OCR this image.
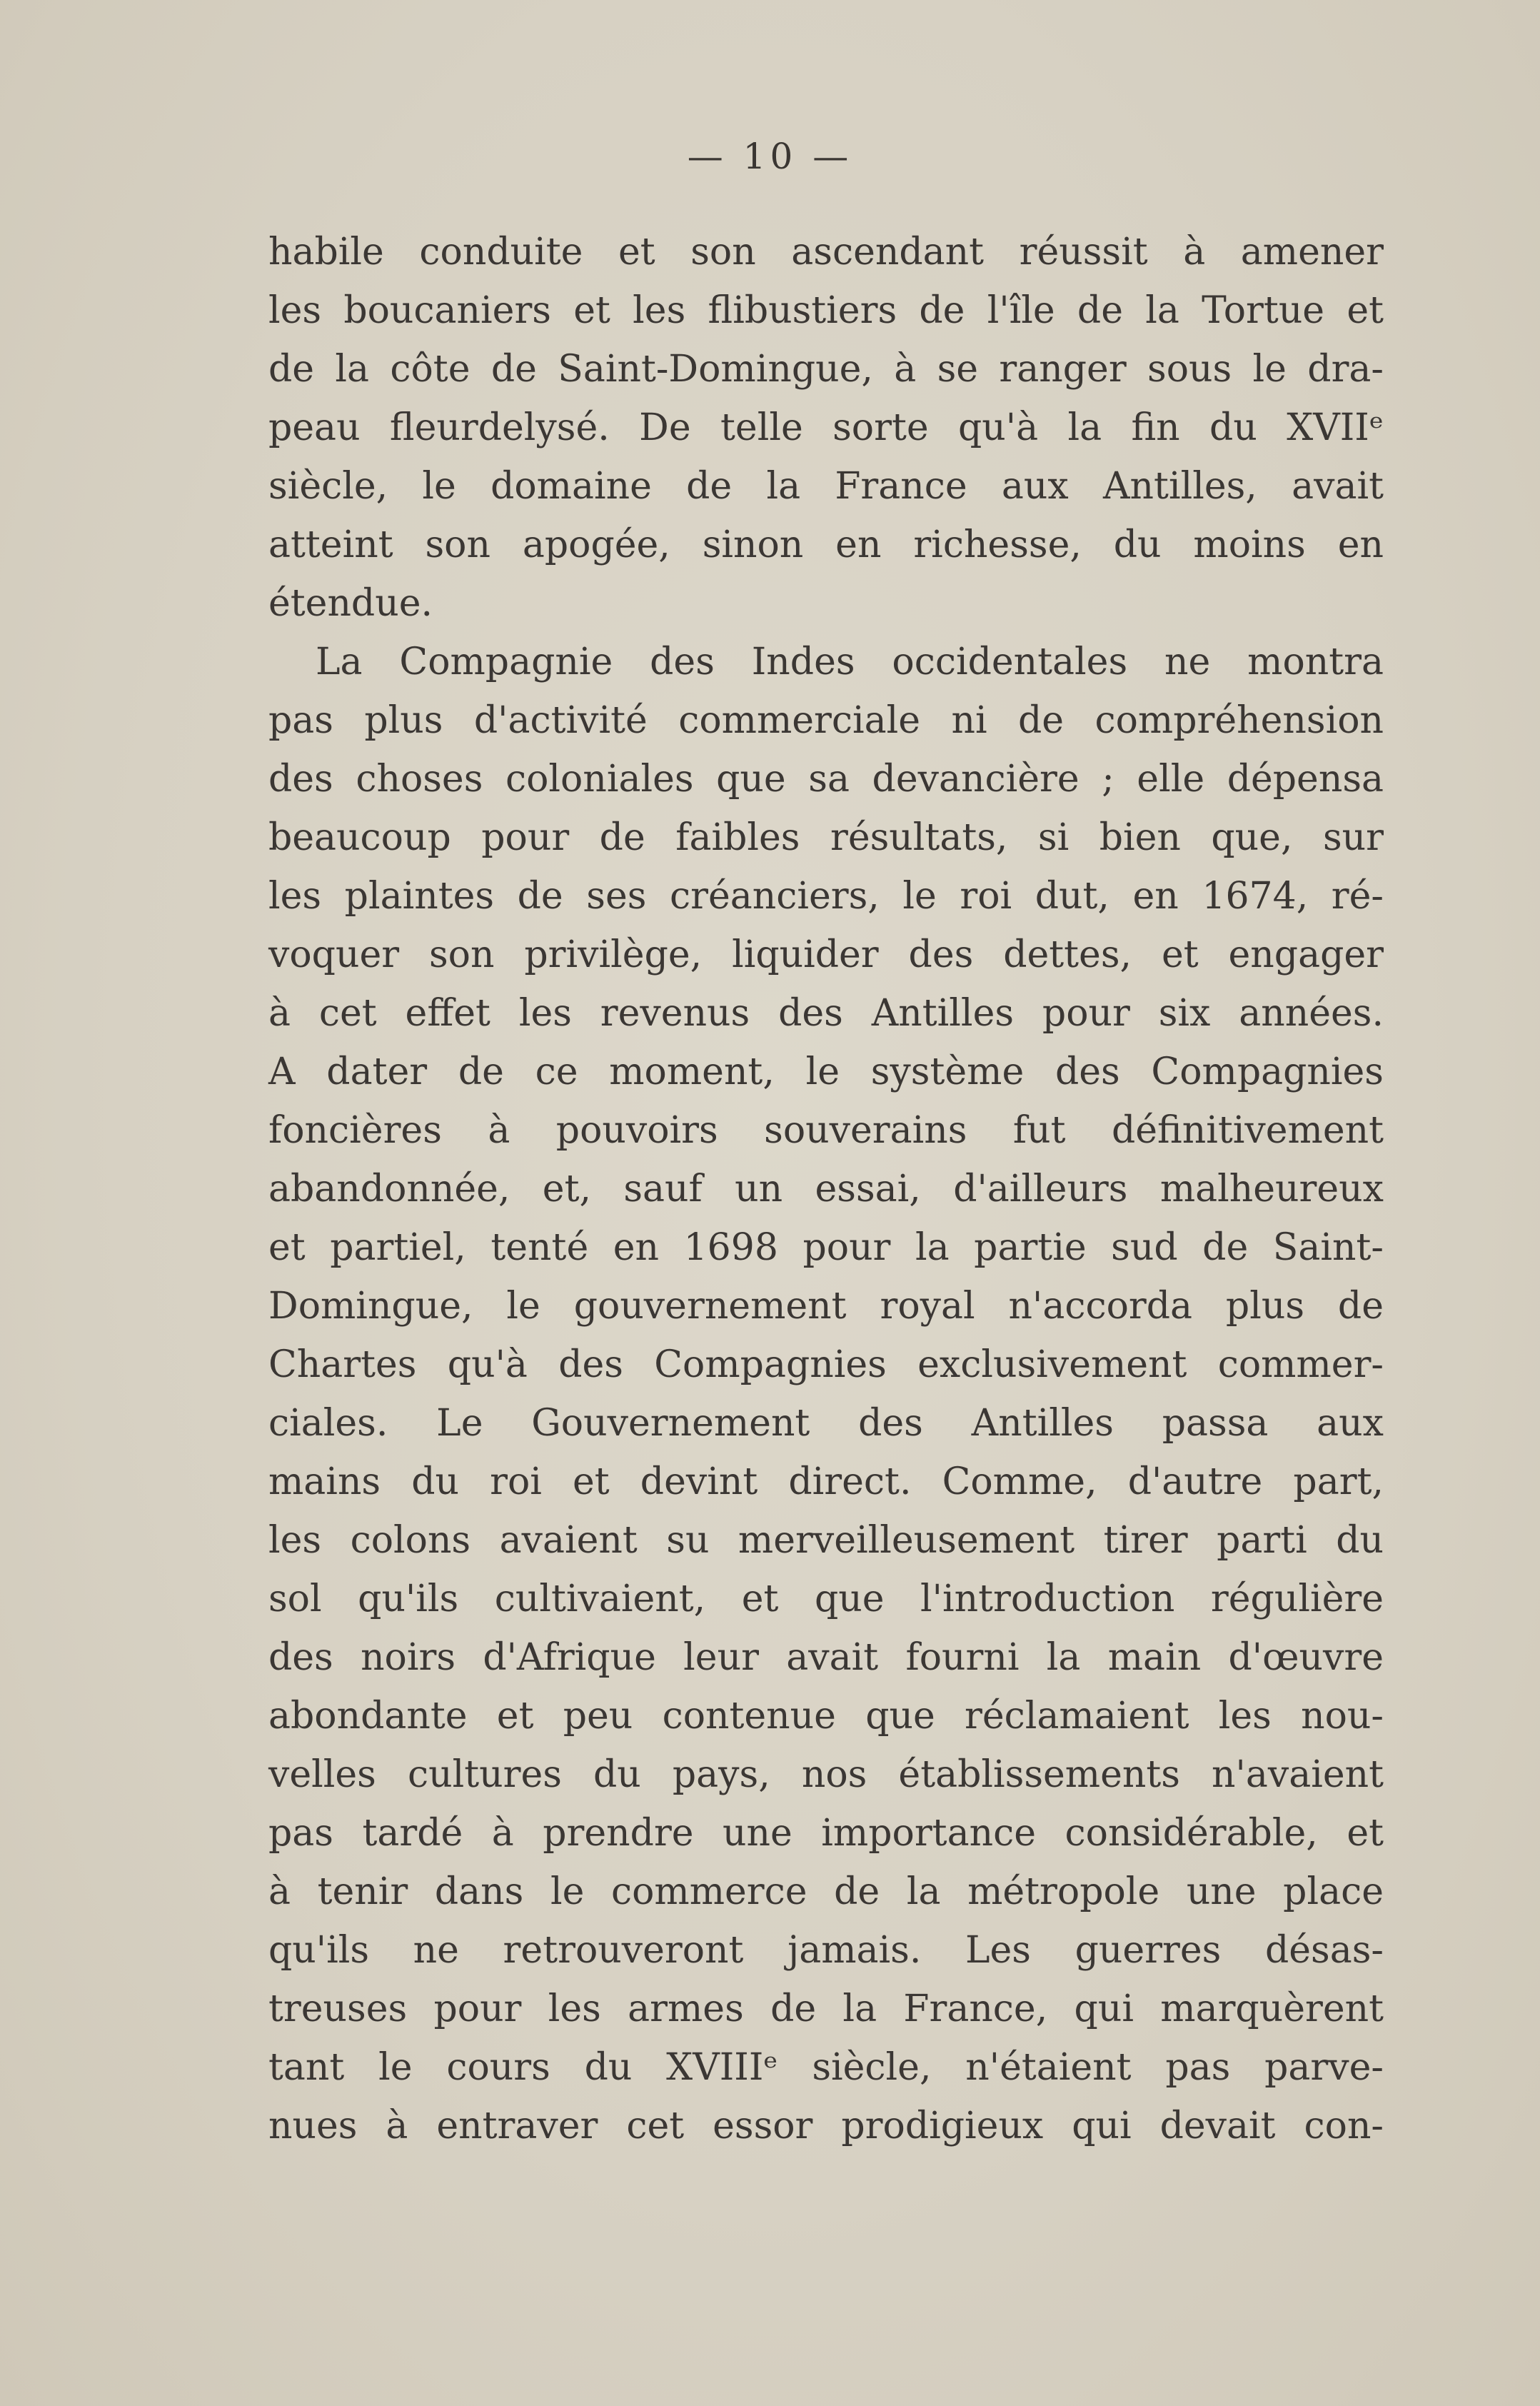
— 10 —
habile conduite et son ascendant réussit à amener
les boucaniers et les flibustiers de l'île de la Tortue et
de la côte de Saint-Domingue, à se ranger sous le dra-
peau fleurdelysé. De telle sorte qu'à la fin du XVIIᵉ
siècle, le domaine de la France aux Antilles, avait
atteint son apogée, sinon en richesse, du moins en
étendue.
La Compagnie des Indes occidentales ne montra
pas plus d'activité commerciale ni de compréhension
des choses coloniales que sa devancière ; elle dépensa
beaucoup pour de faibles résultats, si bien que, sur
les plaintes de ses créanciers, le roi dut, en 1674, ré-
voquer son privilège, liquider des dettes, et engager
à cet effet les revenus des Antilles pour six années.
A dater de ce moment, le système des Compagnies
foncières à pouvoirs souverains fut définitivement
abandonnée, et, sauf un essai, d'ailleurs malheureux
et partiel, tenté en 1698 pour la partie sud de Saint-
Domingue, le gouvernement royal n'accorda plus de
Chartes qu'à des Compagnies exclusivement commer-
ciales. Le Gouvernement des Antilles passa aux
mains du roi et devint direct. Comme, d'autre part,
les colons avaient su merveilleusement tirer parti du
sol qu'ils cultivaient, et que l'introduction régulière
des noirs d'Afrique leur avait fourni la main d'œuvre
abondante et peu contenue que réclamaient les nou-
velles cultures du pays, nos établissements n'avaient
pas tardé à prendre une importance considérable, et
à tenir dans le commerce de la métropole une place
qu'ils ne retrouveront jamais. Les guerres désas-
treuses pour les armes de la France, qui marquèrent
tant le cours du XVIIIᵉ siècle, n'étaient pas parve-
nues à entraver cet essor prodigieux qui devait con-
